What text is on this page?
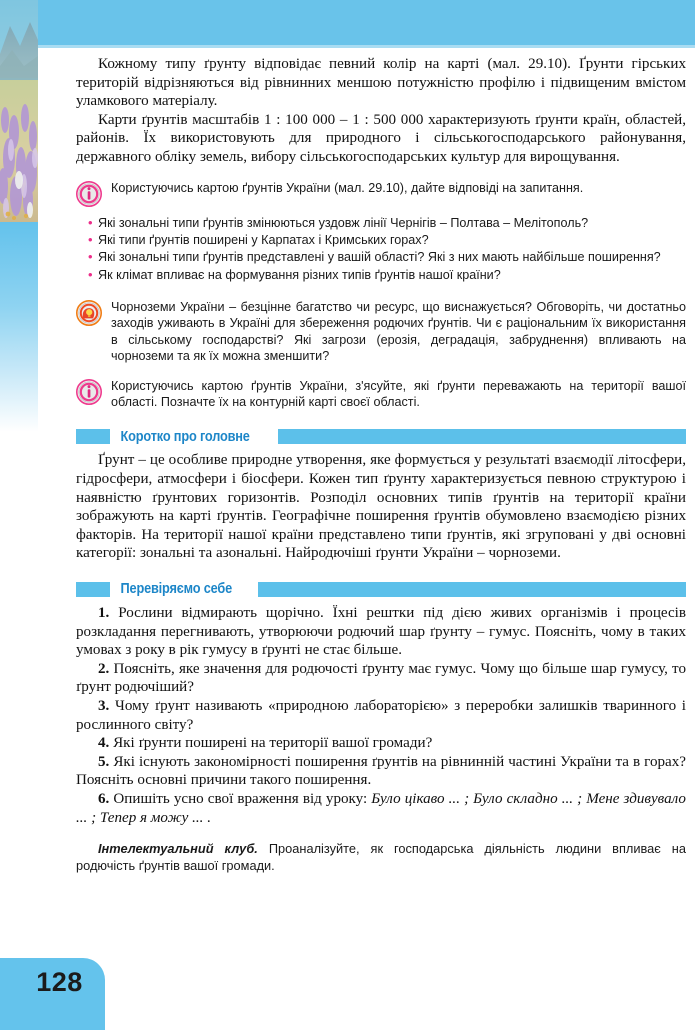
Кожному типу ґрунту відповідає певний колір на карті (мал. 29.10). Ґрунти гірських територій відрізняються від рівнинних меншою потужністю профілю і підвищеним вмістом уламкового матеріалу.

Карти ґрунтів масштабів 1 : 100 000 – 1 : 500 000 характеризують ґрунти країн, областей, районів. Їх використовують для природного і сільськогосподарського районування, державного обліку земель, вибору сільськогосподарських культур для вирощування.

Користуючись картою ґрунтів України (мал. 29.10), дайте відповіді на запитання.
• Які зональні типи ґрунтів змінюються уздовж лінії Чернігів – Полтава – Мелітополь?
• Які типи ґрунтів поширені у Карпатах і Кримських горах?
• Які зональні типи ґрунтів представлені у вашій області? Які з них мають найбільше поширення?
• Як клімат впливає на формування різних типів ґрунтів нашої країни?
Чорноземи України – безцінне багатство чи ресурс, що виснажується? Обговоріть, чи достатньо заходів уживають в Україні для збереження родючих ґрунтів. Чи є раціональним їх використання в сільському господарстві? Які загрози (ерозія, деградація, забруднення) впливають на чорноземи та як їх можна зменшити?
Користуючись картою ґрунтів України, з'ясуйте, які ґрунти переважають на території вашої області. Позначте їх на контурній карті своєї області.
Коротко про головне

Ґрунт – це особливе природне утворення, яке формується у результаті взаємодії літосфери, гідросфери, атмосфери і біосфери. Кожен тип ґрунту характеризується певною структурою і наявністю ґрунтових горизонтів. Розподіл основних типів ґрунтів на території країни зображують на карті ґрунтів. Географічне поширення ґрунтів обумовлено взаємодією різних факторів. На території нашої країни представлено типи ґрунтів, які згруповані у дві основні категорії: зональні та азональні. Найродючіші ґрунти України – чорноземи.

Перевіряємо себе
1. Рослини відмирають щорічно. Їхні рештки під дією живих організмів і процесів розкладання перегнивають, утворюючи родючий шар ґрунту – гумус. Поясніть, чому в таких умовах з року в рік гумусу в ґрунті не стає більше.
2. Поясніть, яке значення для родючості ґрунту має гумус. Чому що більше шар гумусу, то ґрунт родючіший?
3. Чому ґрунт називають «природною лабораторією» з переробки залишків тваринного і рослинного світу?
4. Які ґрунти поширені на території вашої громади?
5. Які існують закономірності поширення ґрунтів на рівнинній частині України та в горах? Поясніть основні причини такого поширення.
6. Опишіть усно свої враження від уроку: Було цікаво ... ; Було складно ... ; Мене здивувало ... ; Тепер я можу ... .

Інтелектуальний клуб. Проаналізуйте, як господарська діяльність людини впливає на родючість ґрунтів вашої громади.

128
